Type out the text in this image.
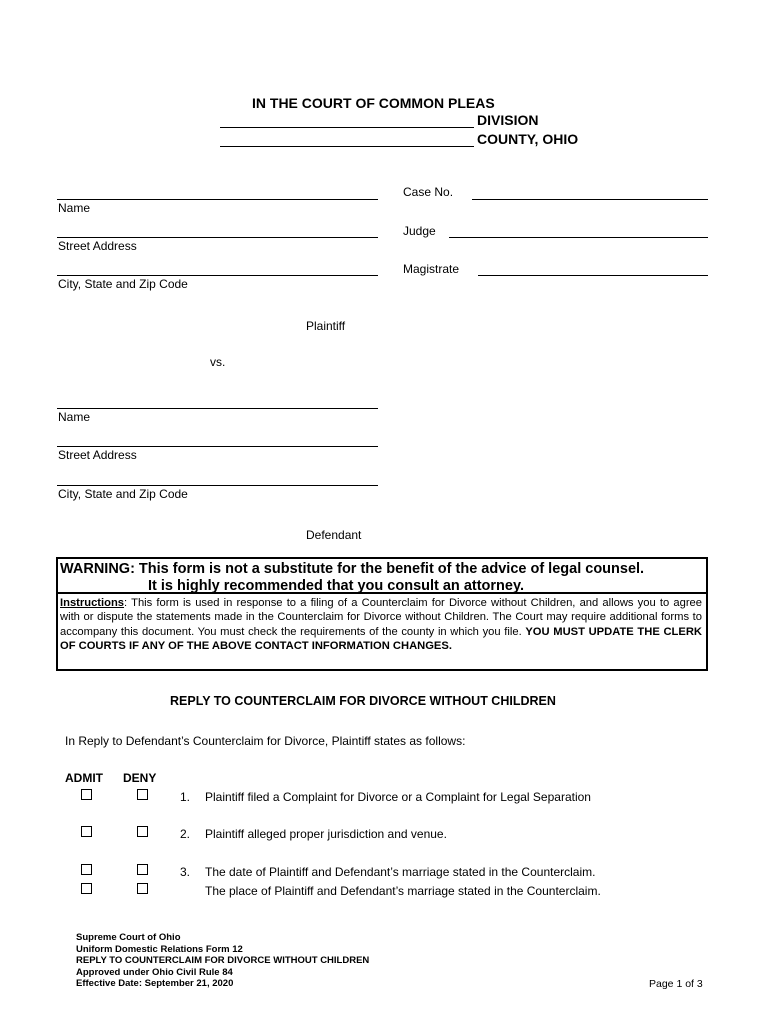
IN THE COURT OF COMMON PLEAS
DIVISION
COUNTY, OHIO
Name
Street Address
City, State and Zip Code
Plaintiff
Case No.
Judge
Magistrate
vs.
Name
Street Address
City, State and Zip Code
Defendant
WARNING: This form is not a substitute for the benefit of the advice of legal counsel.
It is highly recommended that you consult an attorney.
Instructions: This form is used in response to a filing of a Counterclaim for Divorce without Children, and allows you to agree with or dispute the statements made in the Counterclaim for Divorce without Children. The Court may require additional forms to accompany this document. You must check the requirements of the county in which you file. YOU MUST UPDATE THE CLERK OF COURTS IF ANY OF THE ABOVE CONTACT INFORMATION CHANGES.
REPLY TO COUNTERCLAIM FOR DIVORCE WITHOUT CHILDREN
In Reply to Defendant’s Counterclaim for Divorce, Plaintiff states as follows:
ADMIT DENY
1. Plaintiff filed a Complaint for Divorce or a Complaint for Legal Separation
2. Plaintiff alleged proper jurisdiction and venue.
3. The date of Plaintiff and Defendant’s marriage stated in the Counterclaim.
The place of Plaintiff and Defendant’s marriage stated in the Counterclaim.
Supreme Court of Ohio
Uniform Domestic Relations Form 12
REPLY TO COUNTERCLAIM FOR DIVORCE WITHOUT CHILDREN
Approved under Ohio Civil Rule 84
Effective Date: September 21, 2020	Page 1 of 3
